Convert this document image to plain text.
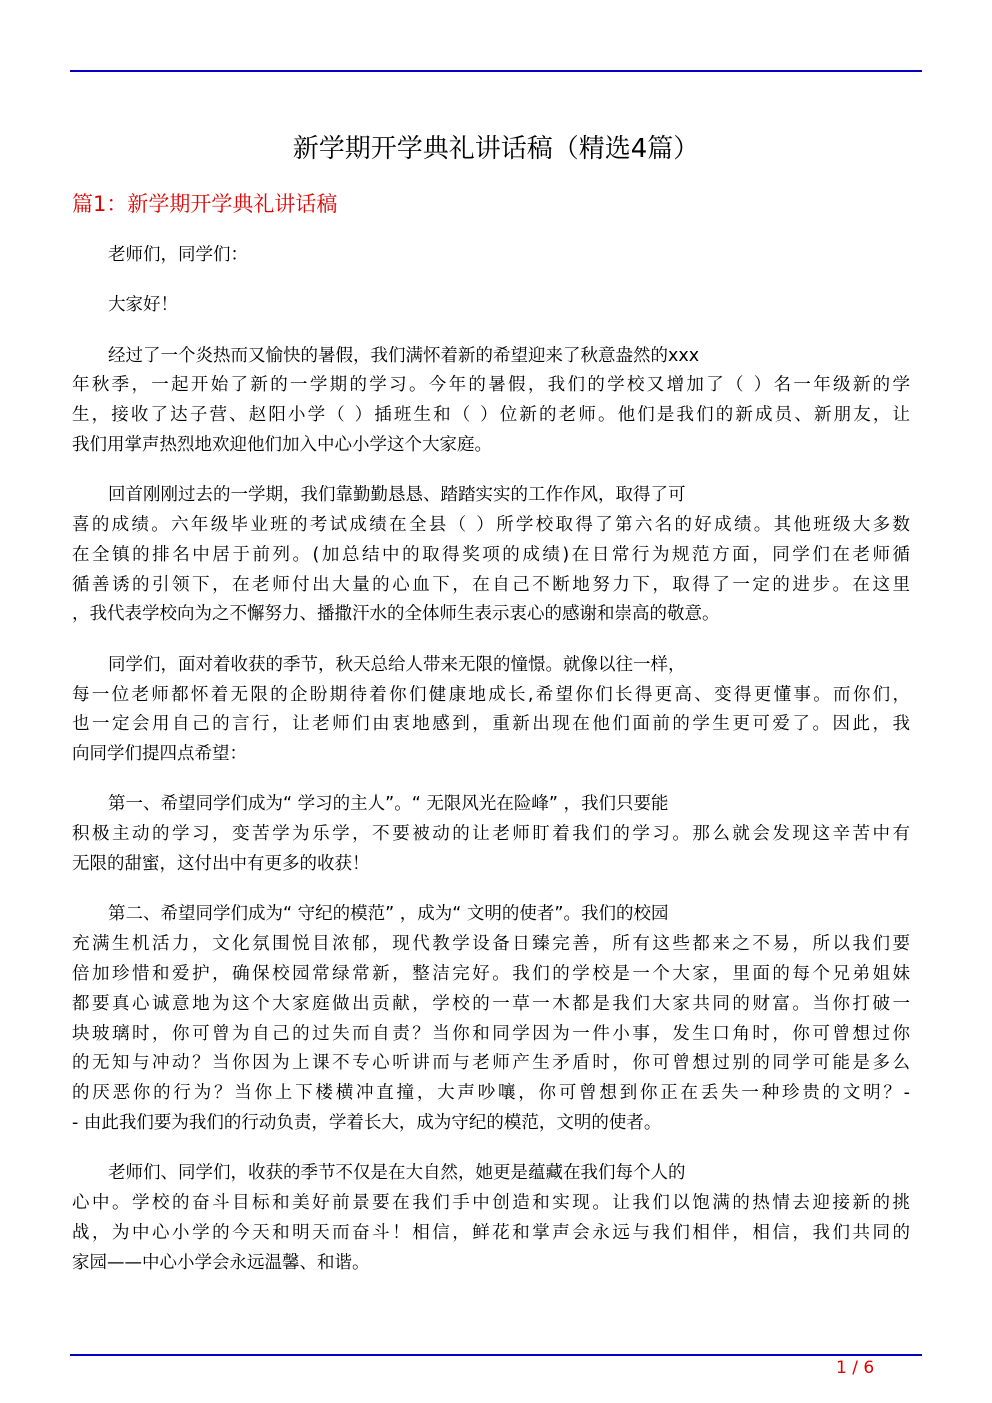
新学期开学典礼讲话稿（精选4篇）
篇1：新学期开学典礼讲话稿
老师们，同学们：
大家好！
经过了一个炎热而又愉快的暑假，我们满怀着新的希望迎来了秋意盎然的xxx
年秋季，一起开始了新的一学期的学习。今年的暑假，我们的学校又增加了（ ）名一年级新的学
生，接收了达子营、赵阳小学（ ）插班生和（ ）位新的老师。他们是我们的新成员、新朋友，让
我们用掌声热烈地欢迎他们加入中心小学这个大家庭。
回首刚刚过去的一学期，我们靠勤勤恳恳、踏踏实实的工作作风，取得了可
喜的成绩。六年级毕业班的考试成绩在全县（ ）所学校取得了第六名的好成绩。其他班级大多数
在全镇的排名中居于前列。(加总结中的取得奖项的成绩)在日常行为规范方面，同学们在老师循
循善诱的引领下，在老师付出大量的心血下，在自己不断地努力下，取得了一定的进步。在这里
，我代表学校向为之不懈努力、播撒汗水的全体师生表示衷心的感谢和崇高的敬意。
同学们，面对着收获的季节，秋天总给人带来无限的憧憬。就像以往一样，
每一位老师都怀着无限的企盼期待着你们健康地成长,希望你们长得更高、变得更懂事。而你们，
也一定会用自己的言行，让老师们由衷地感到，重新出现在他们面前的学生更可爱了。因此，我
向同学们提四点希望：
第一、希望同学们成为“ 学习的主人”。“ 无限风光在险峰” ，我们只要能
积极主动的学习，变苦学为乐学，不要被动的让老师盯着我们的学习。那么就会发现这辛苦中有
无限的甜蜜，这付出中有更多的收获！
第二、希望同学们成为“ 守纪的模范” ，成为“ 文明的使者”。我们的校园
充满生机活力，文化氛围悦目浓郁，现代教学设备日臻完善，所有这些都来之不易，所以我们要
倍加珍惜和爱护，确保校园常绿常新，整洁完好。我们的学校是一个大家，里面的每个兄弟姐妹
都要真心诚意地为这个大家庭做出贡献，学校的一草一木都是我们大家共同的财富。当你打破一
块玻璃时，你可曾为自己的过失而自责？当你和同学因为一件小事，发生口角时，你可曾想过你
的无知与冲动？当你因为上课不专心听讲而与老师产生矛盾时，你可曾想过别的同学可能是多么
的厌恶你的行为？当你上下楼横冲直撞，大声吵嚷，你可曾想到你正在丢失一种珍贵的文明？-
- 由此我们要为我们的行动负责，学着长大，成为守纪的模范，文明的使者。
老师们、同学们，收获的季节不仅是在大自然，她更是蕴藏在我们每个人的
心中。学校的奋斗目标和美好前景要在我们手中创造和实现。让我们以饱满的热情去迎接新的挑
战，为中心小学的今天和明天而奋斗！相信，鲜花和掌声会永远与我们相伴，相信，我们共同的
家园——中心小学会永远温馨、和谐。
1 / 6
